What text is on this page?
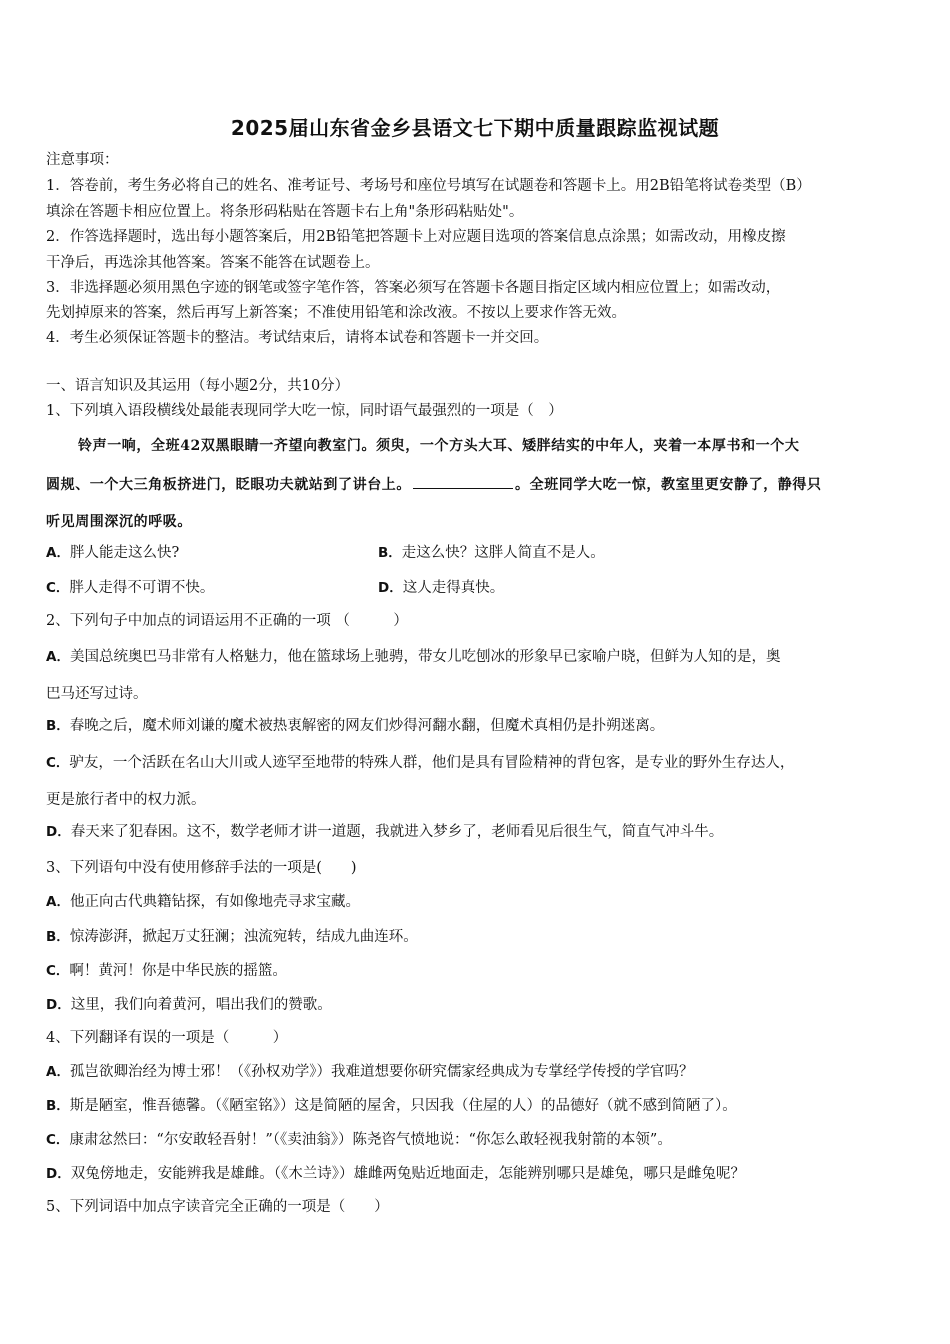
2025届山东省金乡县语文七下期中质量跟踪监视试题
注意事项：
1．答卷前，考生务必将自己的姓名、准考证号、考场号和座位号填写在试题卷和答题卡上。用2B铅笔将试卷类型（B）
填涂在答题卡相应位置上。将条形码粘贴在答题卡右上角"条形码粘贴处"。
2．作答选择题时，选出每小题答案后，用2B铅笔把答题卡上对应题目选项的答案信息点涂黑；如需改动，用橡皮擦
干净后，再选涂其他答案。答案不能答在试题卷上。
3．非选择题必须用黑色字迹的钢笔或签字笔作答，答案必须写在答题卡各题目指定区域内相应位置上；如需改动，
先划掉原来的答案，然后再写上新答案；不准使用铅笔和涂改液。不按以上要求作答无效。
4．考生必须保证答题卡的整洁。考试结束后，请将本试卷和答题卡一并交回。
一、语言知识及其运用（每小题2分，共10分）
1、下列填入语段横线处最能表现同学大吃一惊，同时语气最强烈的一项是（　）
铃声一响，全班42双黑眼睛一齐望向教室门。须臾，一个方头大耳、矮胖结实的中年人，夹着一本厚书和一个大
圆规、一个大三角板挤进门，眨眼功夫就站到了讲台上。	。全班同学大吃一惊，教室里更安静了，静得只
听见周围深沉的呼吸。
A．胖人能走这么快?	B．走这么快？这胖人简直不是人。
C．胖人走得不可谓不快。	D．这人走得真快。
2、下列句子中加点的词语运用不正确的一项 （　　　）
A．美国总统奥巴马非常有人格魅力，他在篮球场上驰骋，带女儿吃刨冰的形象早已家喻户晓，但鲜为人知的是，奥
巴马还写过诗。
B．春晚之后，魔术师刘谦的魔术被热衷解密的网友们炒得河翻水翻，但魔术真相仍是扑朔迷离。
C．驴友，一个活跃在名山大川或人迹罕至地带的特殊人群，他们是具有冒险精神的背包客，是专业的野外生存达人，
更是旅行者中的权力派。
D．春天来了犯春困。这不，数学老师才讲一道题，我就进入梦乡了，老师看见后很生气，简直气冲斗牛。
3、下列语句中没有使用修辞手法的一项是(　　)
A．他正向古代典籍钻探，有如像地壳寻求宝藏。
B．惊涛澎湃，掀起万丈狂澜；浊流宛转，结成九曲连环。
C．啊！黄河！你是中华民族的摇篮。
D．这里，我们向着黄河，唱出我们的赞歌。
4、下列翻译有误的一项是（　　　）
A．孤岂欲卿治经为博士邪！（《孙权劝学》）我难道想要你研究儒家经典成为专掌经学传授的学官吗？
B．斯是陋室，惟吾德馨。（《陋室铭》）这是简陋的屋舍，只因我（住屋的人）的品德好（就不感到简陋了）。
C．康肃忿然曰：“尔安敢轻吾射！”（《卖油翁》）陈尧咨气愤地说：“你怎么敢轻视我射箭的本领”。
D．双兔傍地走，安能辨我是雄雌。（《木兰诗》）雄雌两兔贴近地面走，怎能辨别哪只是雄兔，哪只是雌兔呢？
5、下列词语中加点字读音完全正确的一项是（　　）
